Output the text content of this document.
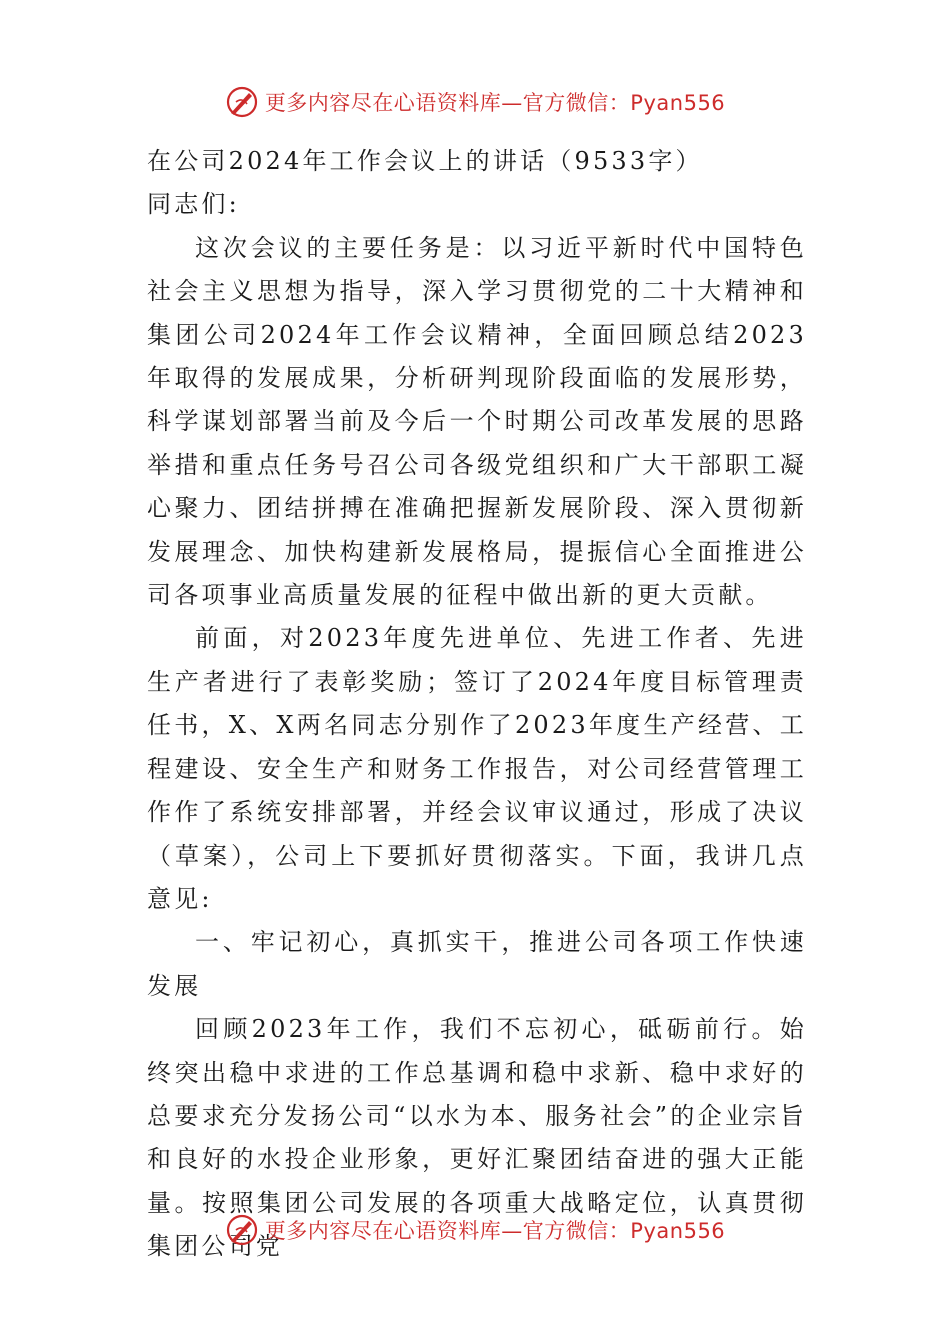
更多内容尽在心语资料库—官方微信：Pyan556

在公司2024年工作会议上的讲话（9533字）

同志们:

这次会议的主要任务是：以习近平新时代中国特色社会主义思想为指导，深入学习贯彻党的二十大精神和集团公司2024年工作会议精神，全面回顾总结2023年取得的发展成果，分析研判现阶段面临的发展形势，科学谋划部署当前及今后一个时期公司改革发展的思路举措和重点任务号召公司各级党组织和广大干部职工凝心聚力、团结拼搏在准确把握新发展阶段、深入贯彻新发展理念、加快构建新发展格局，提振信心全面推进公司各项事业高质量发展的征程中做出新的更大贡献。

前面，对2023年度先进单位、先进工作者、先进生产者进行了表彰奖励；签订了2024年度目标管理责任书，X、X两名同志分别作了2023年度生产经营、工程建设、安全生产和财务工作报告，对公司经营管理工作作了系统安排部署，并经会议审议通过，形成了决议（草案），公司上下要抓好贯彻落实。下面，我讲几点意见:

一、牢记初心，真抓实干，推进公司各项工作快速发展

回顾2023年工作，我们不忘初心，砥砺前行。始终突出稳中求进的工作总基调和稳中求新、稳中求好的总要求充分发扬公司“以水为本、服务社会”的企业宗旨和良好的水投企业形象，更好汇聚团结奋进的强大正能量。按照集团公司发展的各项重大战略定位，认真贯彻集团公司党

更多内容尽在心语资料库—官方微信：Pyan556
